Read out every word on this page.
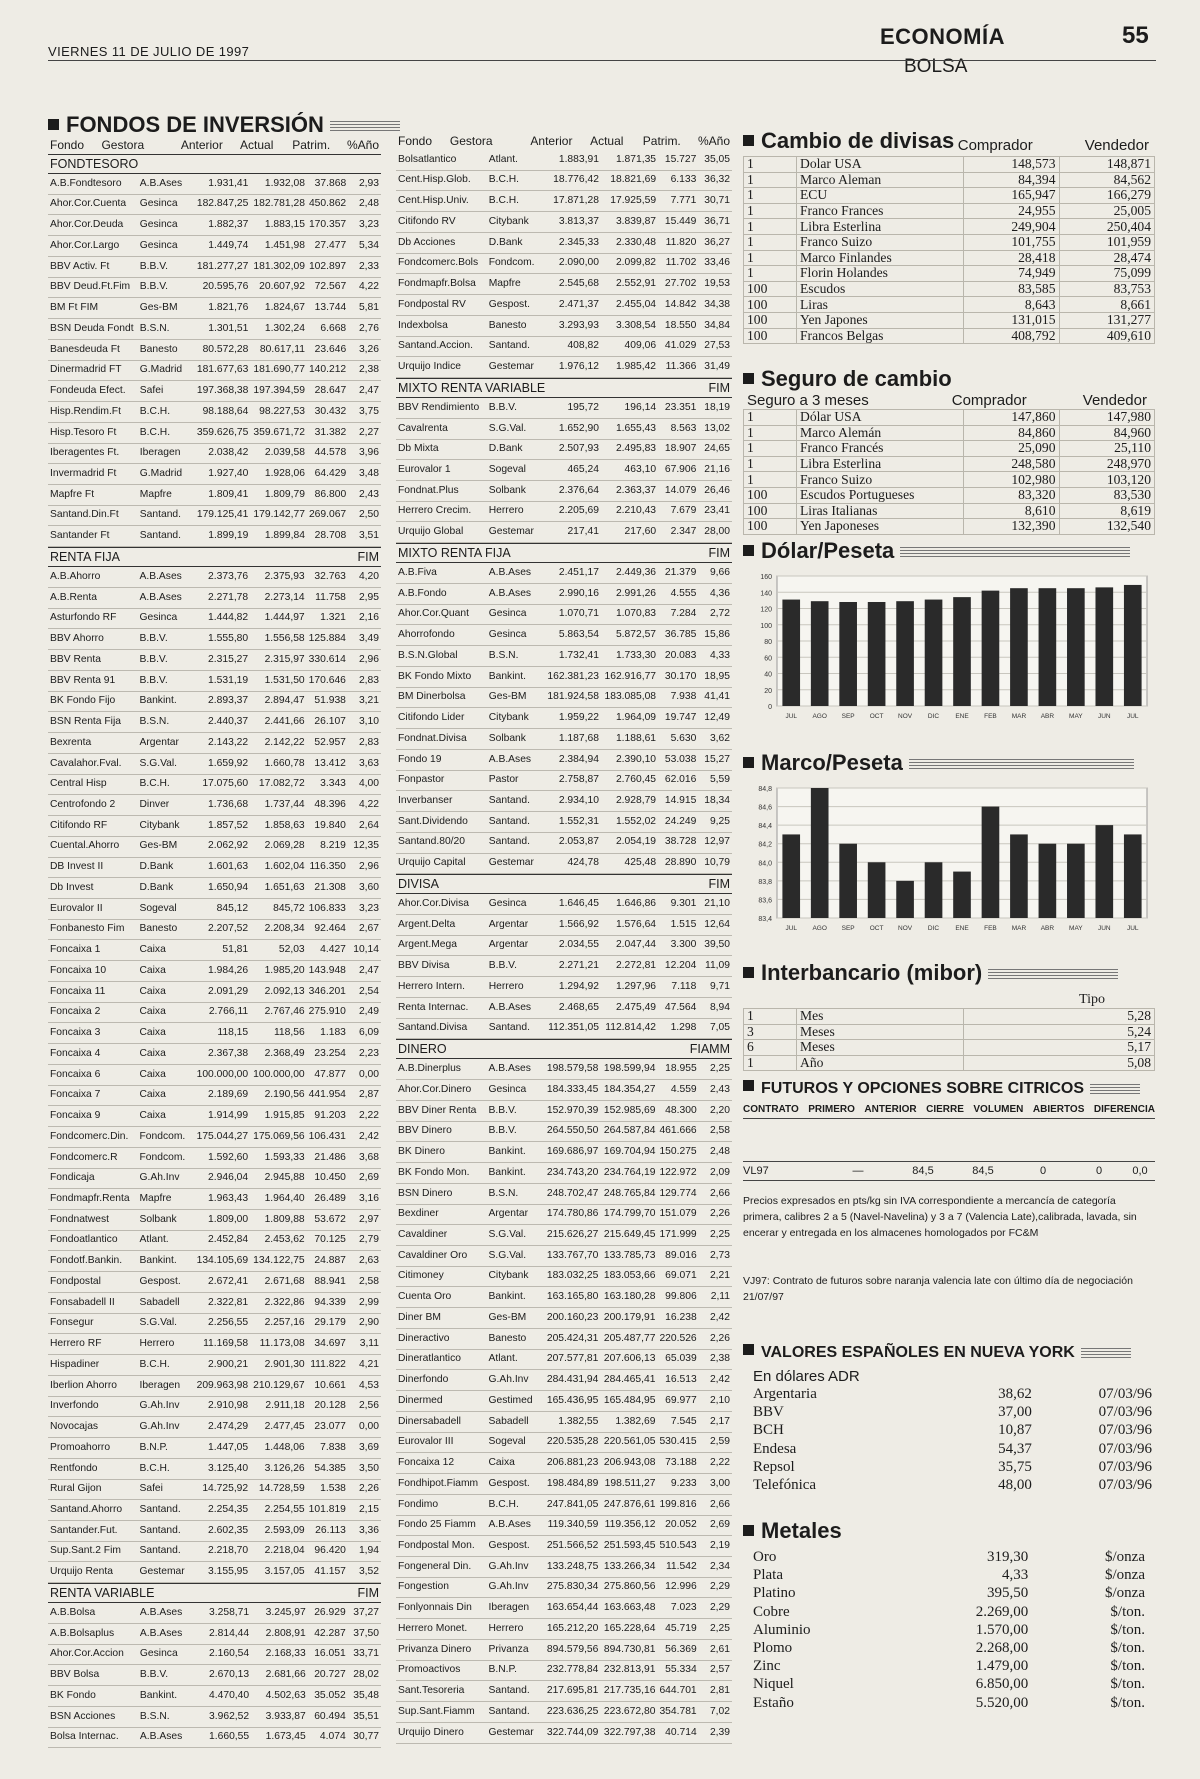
VIERNES 11 DE JULIO DE 1997
ECONOMÍA	55
BOLSA
FONDOS DE INVERSIÓN
Fondo	Gestora	Anterior	Actual	Patrim.	%Año
FONDTESORO
A.B.Fondtesoro	A.B.Ases	1.931,41	1.932,08	37.868	2,93
Ahor.Cor.Cuenta	Gesinca	182.847,25	182.781,28	450.862	2,48
Ahor.Cor.Deuda	Gesinca	1.882,37	1.883,15	170.357	3,23
Ahor.Cor.Largo	Gesinca	1.449,74	1.451,98	27.477	5,34
BBV Activ. Ft	B.B.V.	181.277,27	181.302,09	102.897	2,33
BBV Deud.Ft.Fim	B.B.V.	20.595,76	20.607,92	72.567	4,22
BM Ft FIM	Ges-BM	1.821,76	1.824,67	13.744	5,81
BSN Deuda Fondt	B.S.N.	1.301,51	1.302,24	6.668	2,76
Banesdeuda Ft	Banesto	80.572,28	80.617,11	23.646	3,26
Dinermadrid FT	G.Madrid	181.677,63	181.690,77	140.212	2,38
Fondeuda Efect.	Safei	197.368,38	197.394,59	28.647	2,47
Hisp.Rendim.Ft	B.C.H.	98.188,64	98.227,53	30.432	3,75
Hisp.Tesoro Ft	B.C.H.	359.626,75	359.671,72	31.382	2,27
Iberagentes Ft.	Iberagen	2.038,42	2.039,58	44.578	3,96
Invermadrid Ft	G.Madrid	1.927,40	1.928,06	64.429	3,48
Mapfre Ft	Mapfre	1.809,41	1.809,79	86.800	2,43
Santand.Din.Ft	Santand.	179.125,41	179.142,77	269.067	2,50
Santander Ft	Santand.	1.899,19	1.899,84	28.708	3,51
RENTA FIJA	FIM
A.B.Ahorro	A.B.Ases	2.373,76	2.375,93	32.763	4,20
A.B.Renta	A.B.Ases	2.271,78	2.273,14	11.758	2,95
Asturfondo RF	Gesinca	1.444,82	1.444,97	1.321	2,16
BBV Ahorro	B.B.V.	1.555,80	1.556,58	125.884	3,49
BBV Renta	B.B.V.	2.315,27	2.315,97	330.614	2,96
BBV Renta 91	B.B.V.	1.531,19	1.531,50	170.646	2,83
BK Fondo Fijo	Bankint.	2.893,37	2.894,47	51.938	3,21
BSN Renta Fija	B.S.N.	2.440,37	2.441,66	26.107	3,10
Bexrenta	Argentar	2.143,22	2.142,22	52.957	2,83
Cavalahor.Fval.	S.G.Val.	1.659,92	1.660,78	13.412	3,63
Central Hisp	B.C.H.	17.075,60	17.082,72	3.343	4,00
Centrofondo 2	Dinver	1.736,68	1.737,44	48.396	4,22
Citifondo RF	Citybank	1.857,52	1.858,63	19.840	2,64
Cuental.Ahorro	Ges-BM	2.062,92	2.069,28	8.219	12,35
DB Invest II	D.Bank	1.601,63	1.602,04	116.350	2,96
Db Invest	D.Bank	1.650,94	1.651,63	21.308	3,60
Eurovalor II	Sogeval	845,12	845,72	106.833	3,23
Fonbanesto Fim	Banesto	2.207,52	2.208,34	92.464	2,67
Foncaixa 1	Caixa	51,81	52,03	4.427	10,14
Foncaixa 10	Caixa	1.984,26	1.985,20	143.948	2,47
Foncaixa 11	Caixa	2.091,29	2.092,13	346.201	2,54
Foncaixa 2	Caixa	2.766,11	2.767,46	275.910	2,49
Foncaixa 3	Caixa	118,15	118,56	1.183	6,09
Foncaixa 4	Caixa	2.367,38	2.368,49	23.254	2,23
Foncaixa 6	Caixa	100.000,00	100.000,00	47.877	0,00
Foncaixa 7	Caixa	2.189,69	2.190,56	441.954	2,87
Foncaixa 9	Caixa	1.914,99	1.915,85	91.203	2,22
Fondcomerc.Din.	Fondcom.	175.044,27	175.069,56	106.431	2,42
Fondcomerc.R	Fondcom.	1.592,60	1.593,33	21.486	3,68
Fondicaja	G.Ah.Inv	2.946,04	2.945,88	10.450	2,69
Fondmapfr.Renta	Mapfre	1.963,43	1.964,40	26.489	3,16
Fondnatwest	Solbank	1.809,00	1.809,88	53.672	2,97
Fondoatlantico	Atlant.	2.452,84	2.453,62	70.125	2,79
Fondotf.Bankin.	Bankint.	134.105,69	134.122,75	24.887	2,63
Fondpostal	Gespost.	2.672,41	2.671,68	88.941	2,58
Fonsabadell II	Sabadell	2.322,81	2.322,86	94.339	2,99
Fonsegur	S.G.Val.	2.256,55	2.257,16	29.179	2,90
Herrero RF	Herrero	11.169,58	11.173,08	34.697	3,11
Hispadiner	B.C.H.	2.900,21	2.901,30	111.822	4,21
Iberlion Ahorro	Iberagen	209.963,98	210.129,67	10.661	4,53
Inverfondo	G.Ah.Inv	2.910,98	2.911,18	20.128	2,56
Novocajas	G.Ah.Inv	2.474,29	2.477,45	23.077	0,00
Promoahorro	B.N.P.	1.447,05	1.448,06	7.838	3,69
Rentfondo	B.C.H.	3.125,40	3.126,26	54.385	3,50
Rural Gijon	Safei	14.725,92	14.728,59	1.538	2,26
Santand.Ahorro	Santand.	2.254,35	2.254,55	101.819	2,15
Santander.Fut.	Santand.	2.602,35	2.593,09	26.113	3,36
Sup.Sant.2 Fim	Santand.	2.218,70	2.218,04	96.420	1,94
Urquijo Renta	Gestemar	3.155,95	3.157,05	41.157	3,52
RENTA VARIABLE	FIM
A.B.Bolsa	A.B.Ases	3.258,71	3.245,97	26.929	37,27
A.B.Bolsaplus	A.B.Ases	2.814,44	2.808,91	42.287	37,50
Ahor.Cor.Accion	Gesinca	2.160,54	2.168,33	16.051	33,71
BBV Bolsa	B.B.V.	2.670,13	2.681,66	20.727	28,02
BK Fondo	Bankint.	4.470,40	4.502,63	35.052	35,48
BSN Acciones	B.S.N.	3.962,52	3.933,87	60.494	35,51
Bolsa Internac.	A.B.Ases	1.660,55	1.673,45	4.074	30,77
Fondo	Gestora	Anterior	Actual	Patrim.	%Año
Bolsatlantico	Atlant.	1.883,91	1.871,35	15.727	35,05
Cent.Hisp.Glob.	B.C.H.	18.776,42	18.821,69	6.133	36,32
Cent.Hisp.Univ.	B.C.H.	17.871,28	17.925,59	7.771	30,71
Citifondo RV	Citybank	3.813,37	3.839,87	15.449	36,71
Db Acciones	D.Bank	2.345,33	2.330,48	11.820	36,27
Fondcomerc.Bols	Fondcom.	2.090,00	2.099,82	11.702	33,46
Fondmapfr.Bolsa	Mapfre	2.545,68	2.552,91	27.702	19,53
Fondpostal RV	Gespost.	2.471,37	2.455,04	14.842	34,38
Indexbolsa	Banesto	3.293,93	3.308,54	18.550	34,84
Santand.Accion.	Santand.	408,82	409,06	41.029	27,53
Urquijo Indice	Gestemar	1.976,12	1.985,42	11.366	31,49
MIXTO RENTA VARIABLE	FIM
BBV Rendimiento	B.B.V.	195,72	196,14	23.351	18,19
Cavalrenta	S.G.Val.	1.652,90	1.655,43	8.563	13,02
Db Mixta	D.Bank	2.507,93	2.495,83	18.907	24,65
Eurovalor 1	Sogeval	465,24	463,10	67.906	21,16
Fondnat.Plus	Solbank	2.376,64	2.363,37	14.079	26,46
Herrero Crecim.	Herrero	2.205,69	2.210,43	7.679	23,41
Urquijo Global	Gestemar	217,41	217,60	2.347	28,00
MIXTO RENTA FIJA	FIM
A.B.Fiva	A.B.Ases	2.451,17	2.449,36	21.379	9,66
A.B.Fondo	A.B.Ases	2.990,16	2.991,26	4.555	4,36
Ahor.Cor.Quant	Gesinca	1.070,71	1.070,83	7.284	2,72
Ahorrofondo	Gesinca	5.863,54	5.872,57	36.785	15,86
B.S.N.Global	B.S.N.	1.732,41	1.733,30	20.083	4,33
BK Fondo Mixto	Bankint.	162.381,23	162.916,77	30.170	18,95
BM Dinerbolsa	Ges-BM	181.924,58	183.085,08	7.938	41,41
Citifondo Lider	Citybank	1.959,22	1.964,09	19.747	12,49
Fondnat.Divisa	Solbank	1.187,68	1.188,61	5.630	3,62
Fondo 19	A.B.Ases	2.384,94	2.390,10	53.038	15,27
Fonpastor	Pastor	2.758,87	2.760,45	62.016	5,59
Inverbanser	Santand.	2.934,10	2.928,79	14.915	18,34
Sant.Dividendo	Santand.	1.552,31	1.552,02	24.249	9,25
Santand.80/20	Santand.	2.053,87	2.054,19	38.728	12,97
Urquijo Capital	Gestemar	424,78	425,48	28.890	10,79
DIVISA	FIM
Ahor.Cor.Divisa	Gesinca	1.646,45	1.646,86	9.301	21,10
Argent.Delta	Argentar	1.566,92	1.576,64	1.515	12,64
Argent.Mega	Argentar	2.034,55	2.047,44	3.300	39,50
BBV Divisa	B.B.V.	2.271,21	2.272,81	12.204	11,09
Herrero Intern.	Herrero	1.294,92	1.297,96	7.118	9,71
Renta Internac.	A.B.Ases	2.468,65	2.475,49	47.564	8,94
Santand.Divisa	Santand.	112.351,05	112.814,42	1.298	7,05
DINERO	FIAMM
A.B.Dinerplus	A.B.Ases	198.579,58	198.599,94	18.955	2,25
Ahor.Cor.Dinero	Gesinca	184.333,45	184.354,27	4.559	2,43
BBV Diner Renta	B.B.V.	152.970,39	152.985,69	48.300	2,20
BBV Dinero	B.B.V.	264.550,50	264.587,84	461.666	2,58
BK Dinero	Bankint.	169.686,97	169.704,94	150.275	2,48
BK Fondo Mon.	Bankint.	234.743,20	234.764,19	122.972	2,09
BSN Dinero	B.S.N.	248.702,47	248.765,84	129.774	2,66
Bexdiner	Argentar	174.780,86	174.799,70	151.079	2,26
Cavaldiner	S.G.Val.	215.626,27	215.649,45	171.999	2,25
Cavaldiner Oro	S.G.Val.	133.767,70	133.785,73	89.016	2,73
Citimoney	Citybank	183.032,25	183.053,66	69.071	2,21
Cuenta Oro	Bankint.	163.165,80	163.180,28	99.806	2,11
Diner BM	Ges-BM	200.160,23	200.179,91	16.238	2,42
Dineractivo	Banesto	205.424,31	205.487,77	220.526	2,26
Dineratlantico	Atlant.	207.577,81	207.606,13	65.039	2,38
Dinerfondo	G.Ah.Inv	284.431,94	284.465,41	16.513	2,42
Dinermed	Gestimed	165.436,95	165.484,95	69.977	2,10
Dinersabadell	Sabadell	1.382,55	1.382,69	7.545	2,17
Eurovalor III	Sogeval	220.535,28	220.561,05	530.415	2,59
Foncaixa 12	Caixa	206.881,23	206.943,08	73.188	2,22
Fondhipot.Fiamm	Gespost.	198.484,89	198.511,27	9.233	3,00
Fondimo	B.C.H.	247.841,05	247.876,61	199.816	2,66
Fondo 25 Fiamm	A.B.Ases	119.340,59	119.356,12	20.052	2,69
Fondpostal Mon.	Gespost.	251.566,52	251.593,45	510.543	2,19
Fongeneral Din.	G.Ah.Inv	133.248,75	133.266,34	11.542	2,34
Fongestion	G.Ah.Inv	275.830,34	275.860,56	12.996	2,29
Fonlyonnais Din	Iberagen	163.654,44	163.663,48	7.023	2,29
Herrero Monet.	Herrero	165.212,20	165.228,64	45.719	2,25
Privanza Dinero	Privanza	894.579,56	894.730,81	56.369	2,61
Promoactivos	B.N.P.	232.778,84	232.813,91	55.334	2,57
Sant.Tesoreria	Santand.	217.695,81	217.735,16	644.701	2,81
Sup.Sant.Fiamm	Santand.	223.636,25	223.672,80	354.781	7,02
Urquijo Dinero	Gestemar	322.744,09	322.797,38	40.714	2,39
Cambio de divisas Comprador	Vendedor
1	Dolar USA	148,573	148,871
1	Marco Aleman	84,394	84,562
1	ECU	165,947	166,279
1	Franco Frances	24,955	25,005
1	Libra Esterlina	249,904	250,404
1	Franco Suizo	101,755	101,959
1	Marco Finlandes	28,418	28,474
1	Florin Holandes	74,949	75,099
100	Escudos	83,585	83,753
100	Liras	8,643	8,661
100	Yen Japones	131,015	131,277
100	Francos Belgas	408,792	409,610
Seguro de cambio
Seguro a 3 meses	Comprador	Vendedor
1	Dólar USA	147,860	147,980
1	Marco Alemán	84,860	84,960
1	Franco Francés	25,090	25,110
1	Libra Esterlina	248,580	248,970
1	Franco Suizo	102,980	103,120
100	Escudos Portugueses	83,320	83,530
100	Liras Italianas	8,610	8,619
100	Yen Japoneses	132,390	132,540
Dólar/Peseta
160
140
120
100
80
60
40
20
0
JUL AGO SEP OCT NOV DIC ENE FEB MAR ABR MAY JUN	JUL
Marco/Peseta
84,8
84,6
84,4
84,2
84,0
83,8
83,6
83,4
JUL AGO SEP OCT NOV DIC ENE FEB MAR ABR MAY JUN	JUL
Interbancario (mibor)
Tipo
1	Mes	5,28
3	Meses	5,24
6	Meses	5,17
1	Año	5,08
FUTUROS Y OPCIONES SOBRE CITRICOS
CONTRATO PRIMERO ANTERIOR CIERRE VOLUMEN ABIERTOS DIFERENCIA
VL97	—	84,5	84,5	0	0	0,0
Precios expresados en pts/kg sin IVA correspondiente a mercancía de categoría primera, calibres 2 a 5 (Navel-Navelina) y 3 a 7 (Valencia Late),calibrada, lavada, sin encerar y entregada en los almacenes homologados por FC&M
VJ97: Contrato de futuros sobre naranja valencia late con último día de negociación 21/07/97
VALORES ESPAÑOLES EN NUEVA YORK
En dólares ADR
Argentaria	38,62	07/03/96
BBV	37,00	07/03/96
BCH	10,87	07/03/96
Endesa	54,37	07/03/96
Repsol	35,75	07/03/96
Telefónica	48,00	07/03/96
Metales
Oro	319,30	$/onza
Plata	4,33	$/onza
Platino	395,50	$/onza
Cobre	2.269,00	$/ton.
Aluminio	1.570,00	$/ton.
Plomo	2.268,00	$/ton.
Zinc	1.479,00	$/ton.
Niquel	6.850,00	$/ton.
Estaño	5.520,00	$/ton.
